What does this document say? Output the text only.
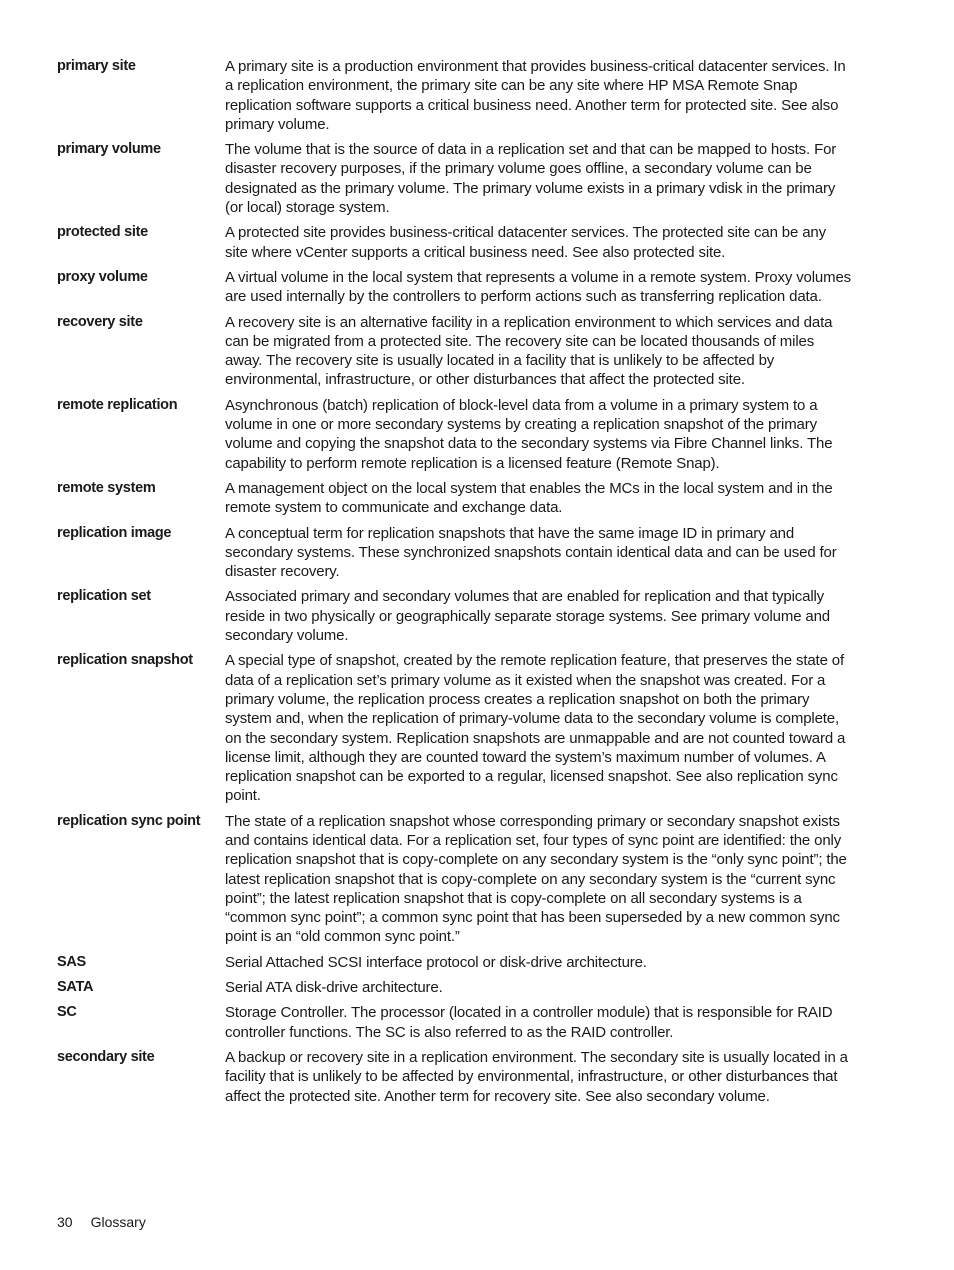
primary site	A primary site is a production environment that provides business-critical datacenter services. In a replication environment, the primary site can be any site where HP MSA Remote Snap replication software supports a critical business need. Another term for protected site. See also primary volume.
primary volume	The volume that is the source of data in a replication set and that can be mapped to hosts. For disaster recovery purposes, if the primary volume goes offline, a secondary volume can be designated as the primary volume. The primary volume exists in a primary vdisk in the primary (or local) storage system.
protected site	A protected site provides business-critical datacenter services. The protected site can be any site where vCenter supports a critical business need. See also protected site.
proxy volume	A virtual volume in the local system that represents a volume in a remote system. Proxy volumes are used internally by the controllers to perform actions such as transferring replication data.
recovery site	A recovery site is an alternative facility in a replication environment to which services and data can be migrated from a protected site. The recovery site can be located thousands of miles away. The recovery site is usually located in a facility that is unlikely to be affected by environmental, infrastructure, or other disturbances that affect the protected site.
remote replication	Asynchronous (batch) replication of block-level data from a volume in a primary system to a volume in one or more secondary systems by creating a replication snapshot of the primary volume and copying the snapshot data to the secondary systems via Fibre Channel links. The capability to perform remote replication is a licensed feature (Remote Snap).
remote system	A management object on the local system that enables the MCs in the local system and in the remote system to communicate and exchange data.
replication image	A conceptual term for replication snapshots that have the same image ID in primary and secondary systems. These synchronized snapshots contain identical data and can be used for disaster recovery.
replication set	Associated primary and secondary volumes that are enabled for replication and that typically reside in two physically or geographically separate storage systems. See primary volume and secondary volume.
replication snapshot	A special type of snapshot, created by the remote replication feature, that preserves the state of data of a replication set’s primary volume as it existed when the snapshot was created. For a primary volume, the replication process creates a replication snapshot on both the primary system and, when the replication of primary-volume data to the secondary volume is complete, on the secondary system. Replication snapshots are unmappable and are not counted toward a license limit, although they are counted toward the system’s maximum number of volumes. A replication snapshot can be exported to a regular, licensed snapshot. See also replication sync point.
replication sync point	The state of a replication snapshot whose corresponding primary or secondary snapshot exists and contains identical data. For a replication set, four types of sync point are identified: the only replication snapshot that is copy-complete on any secondary system is the “only sync point”; the latest replication snapshot that is copy-complete on any secondary system is the “current sync point”; the latest replication snapshot that is copy-complete on all secondary systems is a “common sync point”; a common sync point that has been superseded by a new common sync point is an “old common sync point.”
SAS	Serial Attached SCSI interface protocol or disk-drive architecture.
SATA	Serial ATA disk-drive architecture.
SC	Storage Controller. The processor (located in a controller module) that is responsible for RAID controller functions. The SC is also referred to as the RAID controller.
secondary site	A backup or recovery site in a replication environment. The secondary site is usually located in a facility that is unlikely to be affected by environmental, infrastructure, or other disturbances that affect the protected site. Another term for recovery site. See also secondary volume.
30 Glossary
